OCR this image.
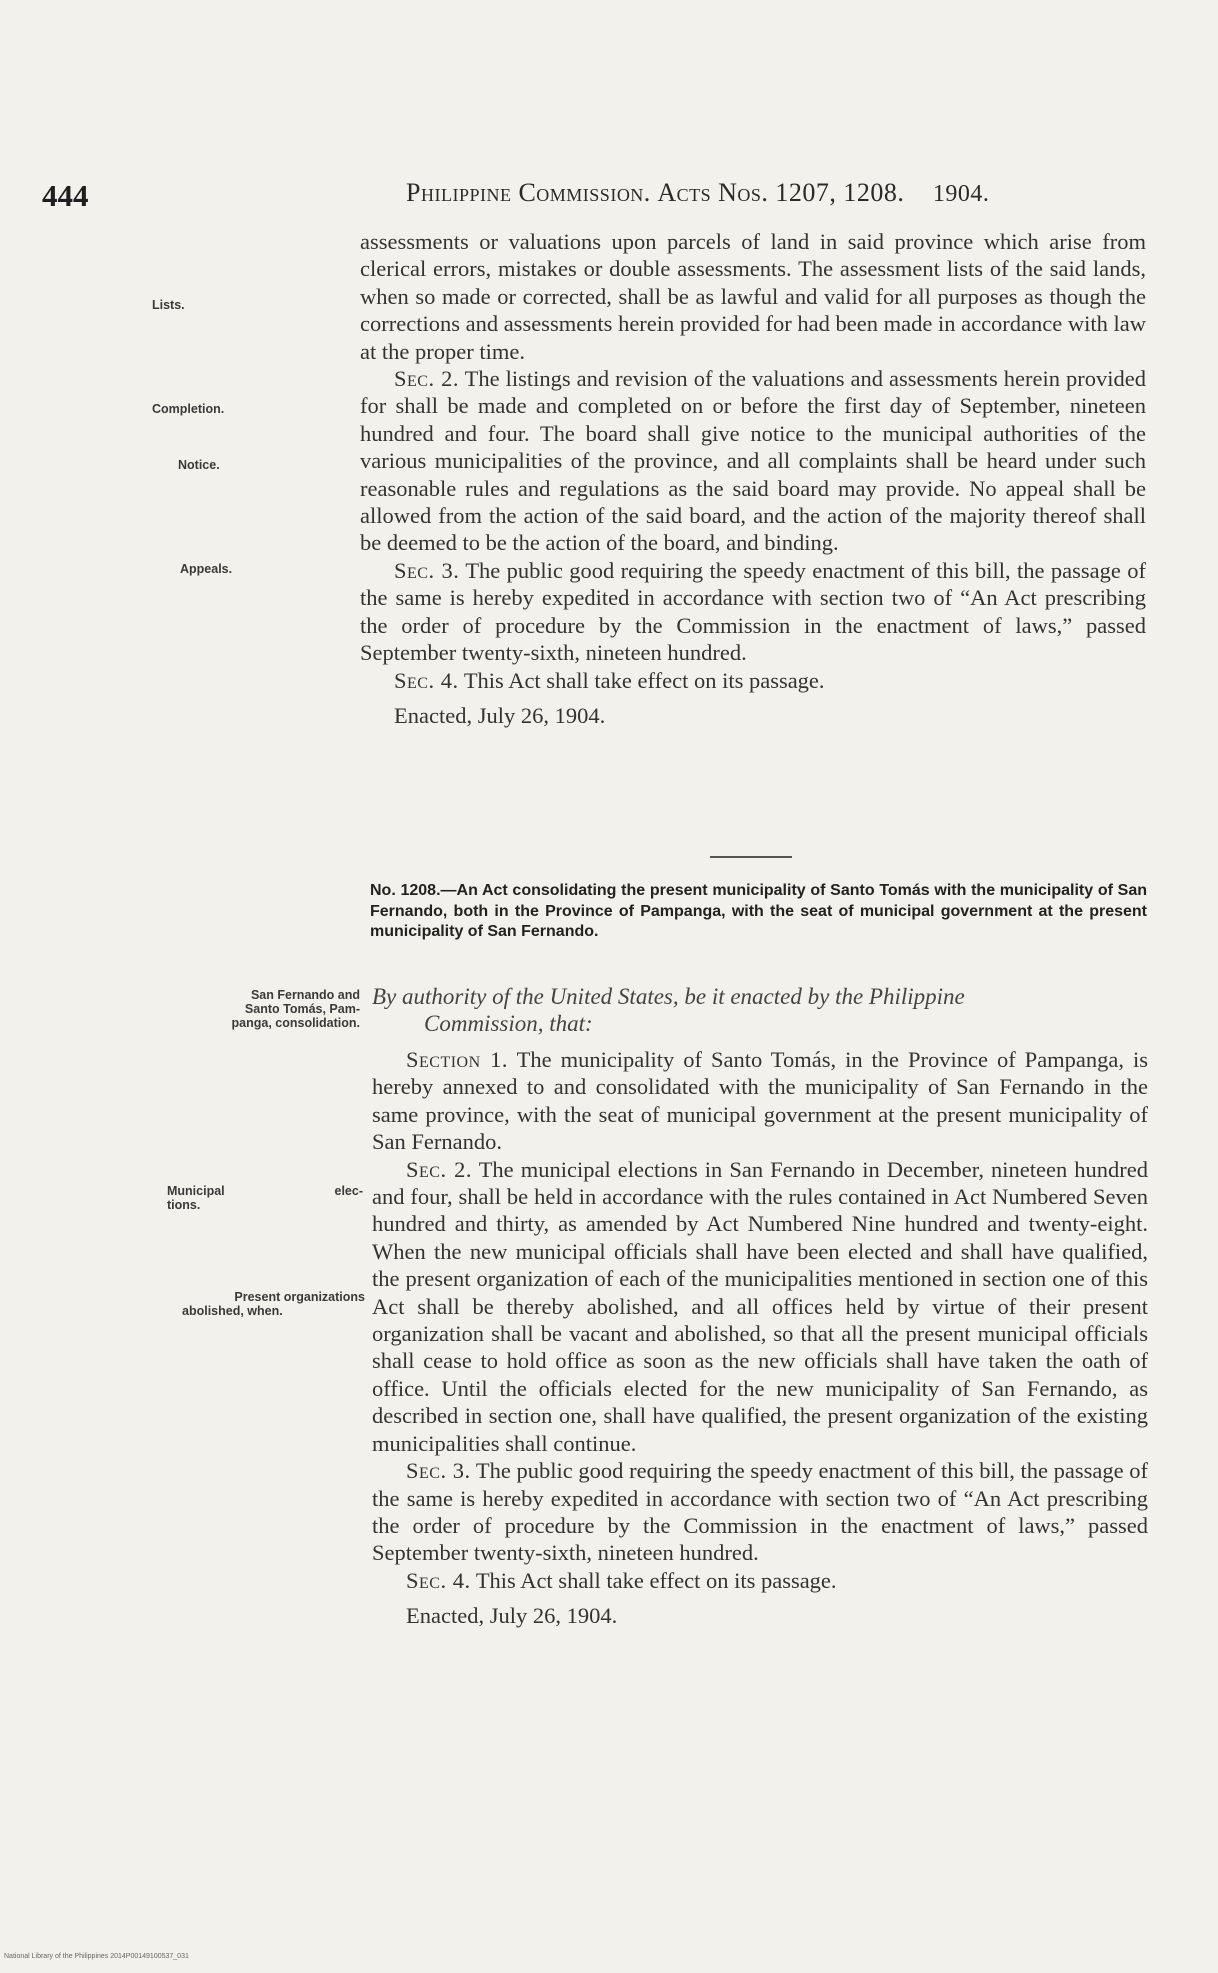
444	Philippine Commission. Acts Nos. 1207, 1208. 1904.
Lists.
Completion.
Notice.
Appeals.
San Fernando and
Santo Tomás, Pam-
panga, consolidation.
Municipal elec-
tions.
Present organizations
abolished, when.

assessments or valuations upon parcels of land in said province which arise from clerical errors, mistakes or double assessments. The assessment lists of the said lands, when so made or corrected, shall be as lawful and valid for all purposes as though the corrections and assessments herein provided for had been made in accordance with law at the proper time.

Sec. 2. The listings and revision of the valuations and assessments herein provided for shall be made and completed on or before the first day of September, nineteen hundred and four. The board shall give notice to the municipal authorities of the various municipalities of the province, and all complaints shall be heard under such reasonable rules and regulations as the said board may provide. No appeal shall be allowed from the action of the said board, and the action of the majority thereof shall be deemed to be the action of the board, and binding.

Sec. 3. The public good requiring the speedy enactment of this bill, the passage of the same is hereby expedited in accordance with section two of “An Act prescribing the order of procedure by the Commission in the enactment of laws,” passed September twenty-sixth, nineteen hundred.

Sec. 4. This Act shall take effect on its passage.

Enacted, July 26, 1904.

No. 1208.—An Act consolidating the present municipality of Santo Tomás with the municipality of San Fernando, both in the Province of Pampanga, with the seat of municipal government at the present municipality of San Fernando.
By authority of the United States, be it enacted by the Philippine
Commission, that:

Section 1. The municipality of Santo Tomás, in the Province of Pampanga, is hereby annexed to and consolidated with the municipality of San Fernando in the same province, with the seat of municipal government at the present municipality of San Fernando.

Sec. 2. The municipal elections in San Fernando in December, nineteen hundred and four, shall be held in accordance with the rules contained in Act Numbered Seven hundred and thirty, as amended by Act Numbered Nine hundred and twenty-eight. When the new municipal officials shall have been elected and shall have qualified, the present organization of each of the municipalities mentioned in section one of this Act shall be thereby abolished, and all offices held by virtue of their present organization shall be vacant and abolished, so that all the present municipal officials shall cease to hold office as soon as the new officials shall have taken the oath of office. Until the officials elected for the new municipality of San Fernando, as described in section one, shall have qualified, the present organization of the existing municipalities shall continue.

Sec. 3. The public good requiring the speedy enactment of this bill, the passage of the same is hereby expedited in accordance with section two of “An Act prescribing the order of procedure by the Commission in the enactment of laws,” passed September twenty-sixth, nineteen hundred.

Sec. 4. This Act shall take effect on its passage.

Enacted, July 26, 1904.

National Library of the Philippines 2014P00149100537_031
